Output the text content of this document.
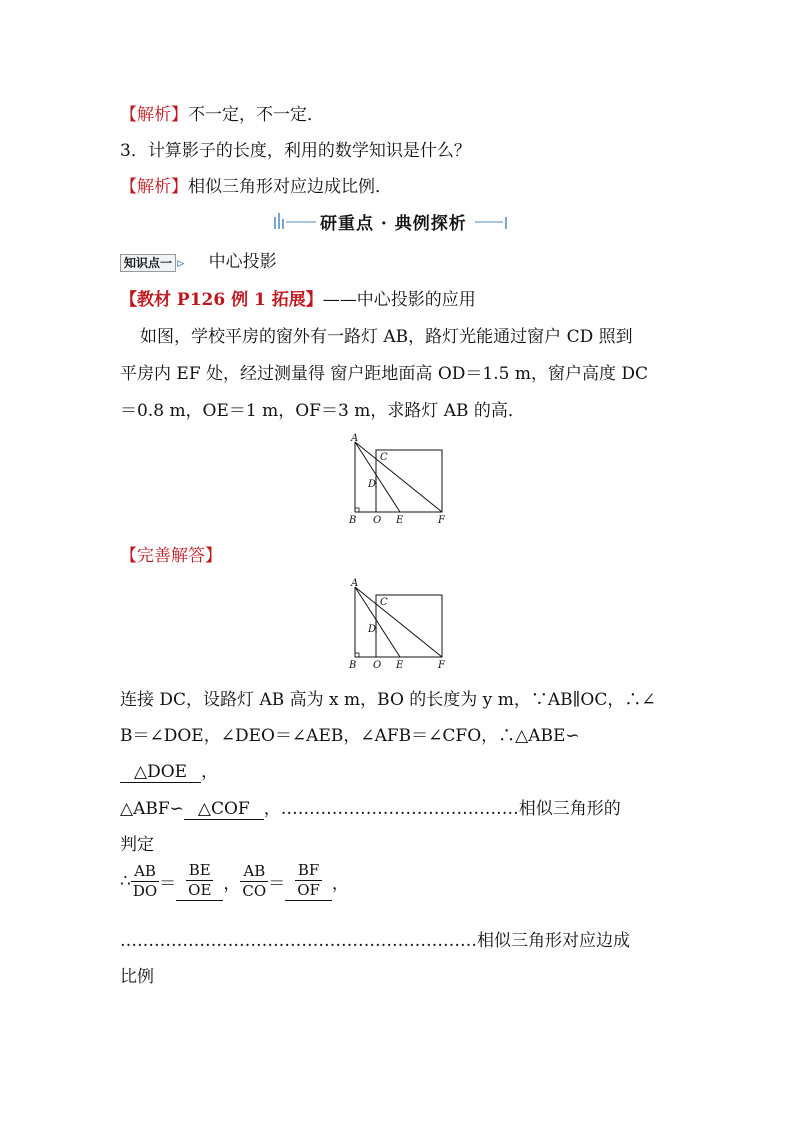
【解析】不一定，不一定．
3．计算影子的长度，利用的数学知识是什么？
【解析】相似三角形对应边成比例．
研重点 · 典例探析
知识点一 ⊳ 中心投影
【教材 P126 例 1 拓展】——中心投影的应用
如图，学校平房的窗外有一路灯 AB，路灯光能通过窗户 CD 照到
平房内 EF 处，经过测量得 窗户距地面高 OD＝1.5 m，窗户高度 DC
＝0.8 m，OE＝1 m，OF＝3 m，求路灯 AB 的高．
A
C
D
B O E	F
【完善解答】
A
C
D
B O E	F
连接 DC，设路灯 AB 高为 x m，BO 的长度为 y m，∵AB∥OC，∴∠
B＝∠DOE，∠DEO＝∠AEB，∠AFB＝∠CFO，∴△ABE∽
△DOE ，
△ABF∽ △COF ，……………………………………相似三角形的
判定
∴ $\frac{AB}{DO} = \frac{BE}{OE}$ ， $\frac{AB}{CO} = \frac{BF}{OF}$ ，
………………………………………………………相似三角形对应边成
比例
